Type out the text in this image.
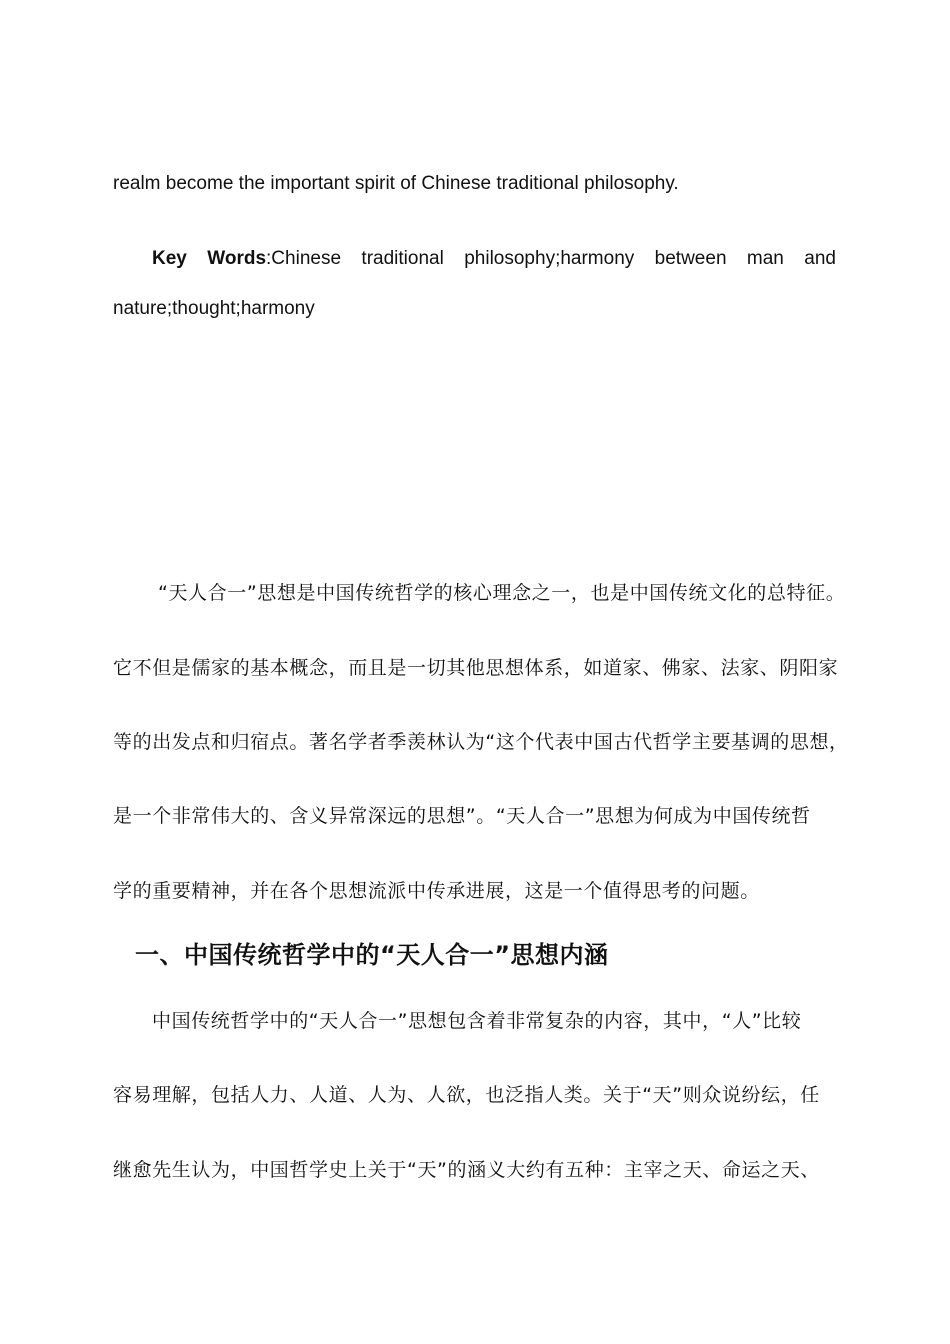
realm become the important spirit of Chinese traditional philosophy.
Key Words:Chinese traditional philosophy;harmony between man and
nature;thought;harmony
“天人合一”思想是中国传统哲学的核心理念之一，也是中国传统文化的总特征。
它不但是儒家的基本概念，而且是一切其他思想体系，如道家、佛家、法家、阴阳家
等的出发点和归宿点。著名学者季羡林认为“这个代表中国古代哲学主要基调的思想，
是一个非常伟大的、含义异常深远的思想”。“天人合一”思想为何成为中国传统哲
学的重要精神，并在各个思想流派中传承进展，这是一个值得思考的问题。
一、中国传统哲学中的“天人合一”思想内涵
中国传统哲学中的“天人合一”思想包含着非常复杂的内容，其中，“人”比较
容易理解，包括人力、人道、人为、人欲，也泛指人类。关于“天”则众说纷纭，任
继愈先生认为，中国哲学史上关于“天”的涵义大约有五种：主宰之天、命运之天、
